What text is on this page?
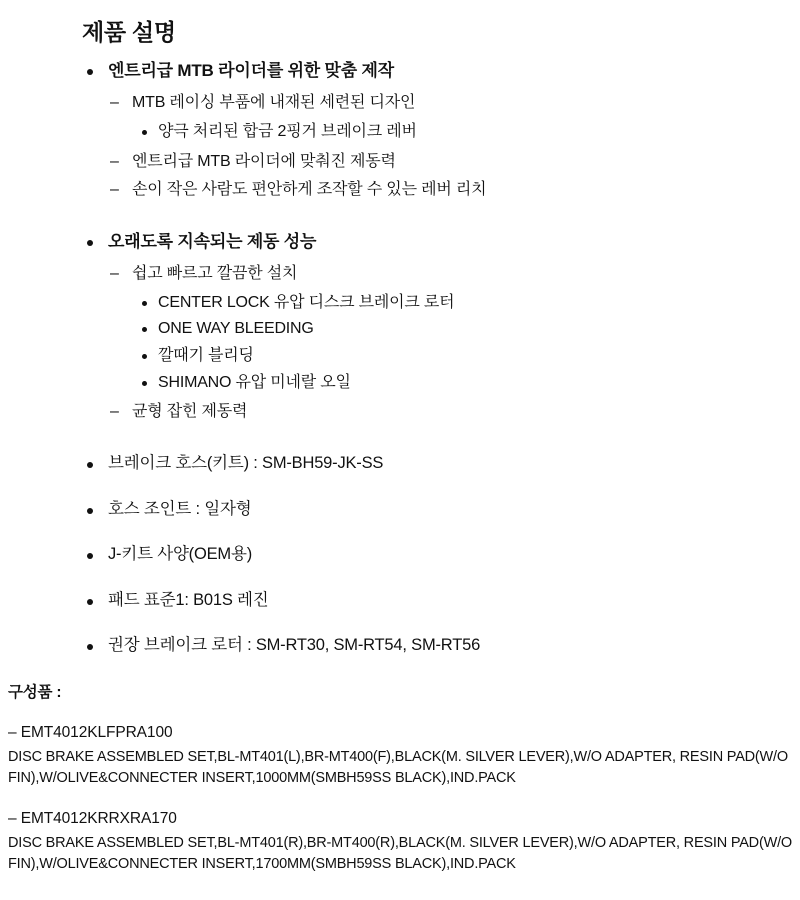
제품 설명
엔트리급 MTB 라이더를 위한 맞춤 제작
– MTB 레이싱 부품에 내재된 세련된 디자인
양극 처리된 합금 2핑거 브레이크 레버
– 엔트리급 MTB 라이더에 맞춰진 제동력
– 손이 작은 사람도 편안하게 조작할 수 있는 레버 리치
오래도록 지속되는 제동 성능
– 쉽고 빠르고 깔끔한 설치
CENTER LOCK 유압 디스크 브레이크 로터
ONE WAY BLEEDING
깔때기 블리딩
SHIMANO 유압 미네랄 오일
– 균형 잡힌 제동력
브레이크 호스(키트) : SM-BH59-JK-SS
호스 조인트 : 일자형
J-키트 사양(OEM용)
패드 표준1: B01S 레진
권장 브레이크 로터 : SM-RT30, SM-RT54, SM-RT56
구성품 :
– EMT4012KLFPRA100
DISC BRAKE ASSEMBLED SET,BL-MT401(L),BR-MT400(F),BLACK(M. SILVER LEVER),W/O ADAPTER, RESIN PAD(W/O FIN),W/OLIVE&CONNECTER INSERT,1000MM(SMBH59SS BLACK),IND.PACK
– EMT4012KRRXRA170
DISC BRAKE ASSEMBLED SET,BL-MT401(R),BR-MT400(R),BLACK(M. SILVER LEVER),W/O ADAPTER, RESIN PAD(W/O FIN),W/OLIVE&CONNECTER INSERT,1700MM(SMBH59SS BLACK),IND.PACK
